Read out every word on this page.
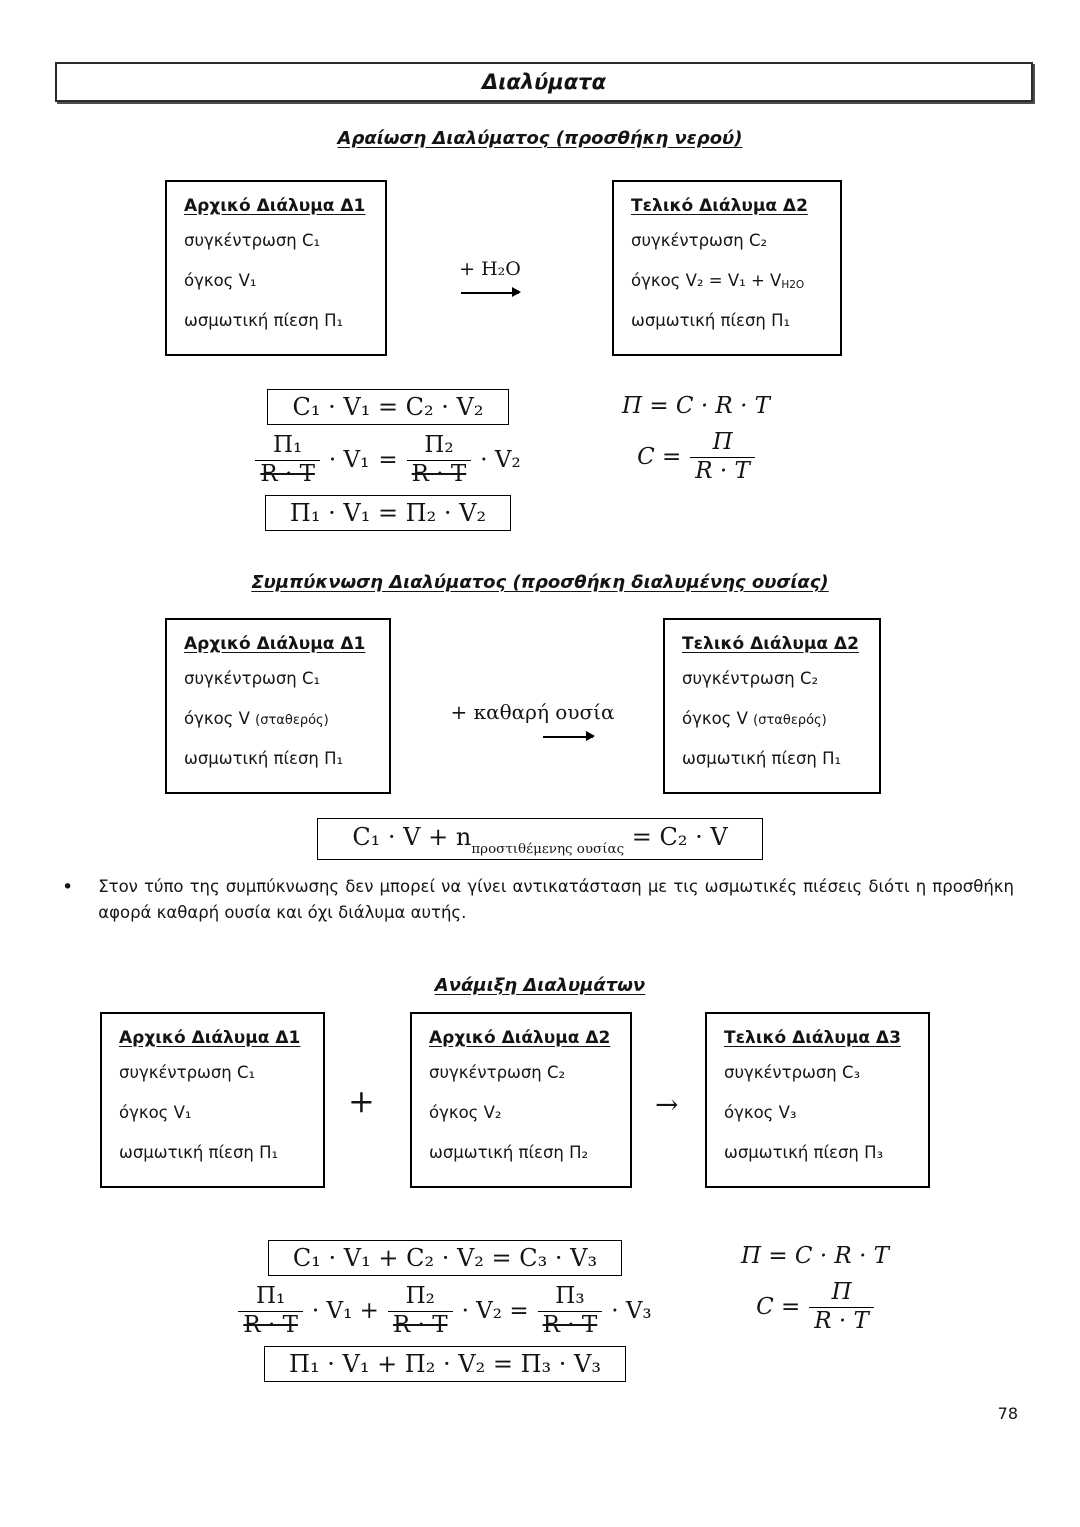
Διαλύματα
Αραίωση Διαλύματος (προσθήκη νερού)
Αρχικό Διάλυμα Δ1
συγκέντρωση C₁
όγκος V₁
ωσμωτική πίεση Π₁
+ H₂O
Τελικό Διάλυμα Δ2
συγκέντρωση C₂
όγκος V₂ = V₁ + VH2O
ωσμωτική πίεση Π₁
C₁ · V₁ = C₂ · V₂
$\frac{\text{Π₁}}{R \cdot T} \cdot V_1 = \frac{\text{Π₂}}{R \cdot T} \cdot V_2$
Π₁ · V₁ = Π₂ · V₂
Π = C · R · T
$C = \frac{\Pi}{R \cdot T}$
Συμπύκνωση Διαλύματος (προσθήκη διαλυμένης ουσίας)
Αρχικό Διάλυμα Δ1
συγκέντρωση C₁
όγκος V (σταθερός)
ωσμωτική πίεση Π₁
+ καθαρή ουσία
Τελικό Διάλυμα Δ2
συγκέντρωση C₂
όγκος V (σταθερός)
ωσμωτική πίεση Π₁
$C_1 \cdot V + n_{\pi\rho o\sigma\tau\iota\theta έ\mu\varepsilon\nu\eta\varsigma o\upsilon\sigma ί\alpha\varsigma} = C_2 \cdot V$
• Στον τύπο της συμπύκνωσης δεν μπορεί να γίνει αντικατάσταση με τις ωσμωτικές πιέσεις διότι η προσθήκη αφορά καθαρή ουσία και όχι διάλυμα αυτής.

Ανάμιξη Διαλυμάτων
Αρχικό Διάλυμα Δ1
συγκέντρωση C₁
όγκος V₁
ωσμωτική πίεση Π₁
+
Αρχικό Διάλυμα Δ2
συγκέντρωση C₂
όγκος V₂
ωσμωτική πίεση Π₂
→
Τελικό Διάλυμα Δ3
συγκέντρωση C₃
όγκος V₃
ωσμωτική πίεση Π₃
C₁ · V₁ + C₂ · V₂ = C₃ · V₃
$\frac{\text{Π₁}}{R \cdot T} \cdot V_1 + \frac{\text{Π₂}}{R \cdot T} \cdot V_2 = \frac{\text{Π₃}}{R \cdot T} \cdot V_3$
Π₁ · V₁ + Π₂ · V₂ = Π₃ · V₃
Π = C · R · T
$C = \frac{\Pi}{R \cdot T}$
78
